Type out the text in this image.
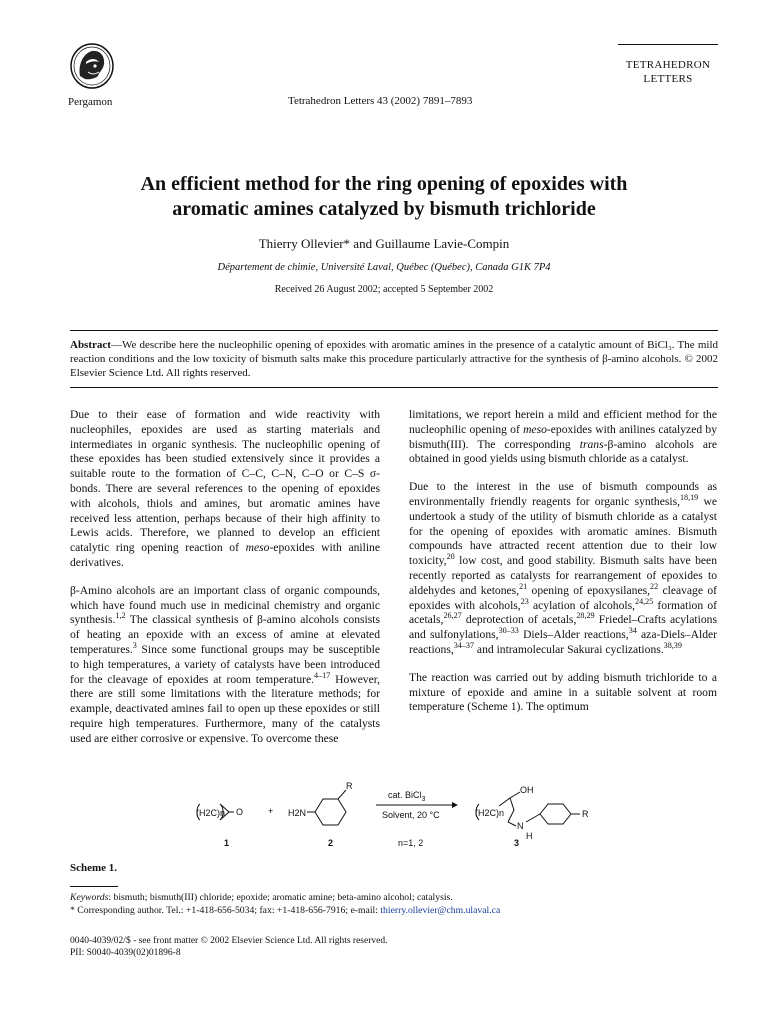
Pergamon	Tetrahedron Letters 43 (2002) 7891–7893
TETRAHEDRON
LETTERS
An efficient method for the ring opening of epoxides with
aromatic amines catalyzed by bismuth trichloride
Thierry Ollevier* and Guillaume Lavie-Compin
Département de chimie, Université Laval, Québec (Québec), Canada G1K 7P4
Received 26 August 2002; accepted 5 September 2002
Abstract—We describe here the nucleophilic opening of epoxides with aromatic amines in the presence of a catalytic amount of BiCl₃. The mild reaction conditions and the low toxicity of bismuth salts make this procedure particularly attractive for the synthesis of β-amino alcohols. © 2002 Elsevier Science Ltd. All rights reserved.

Due to their ease of formation and wide reactivity with nucleophiles, epoxides are used as starting materials and intermediates in organic synthesis. The nucleophilic opening of these epoxides has been studied extensively since it provides a suitable route to the formation of C–C, C–N, C–O or C–S σ-bonds. There are several references to the opening of epoxides with alcohols, thiols and amines, but aromatic amines have received less attention, perhaps because of their high affinity to Lewis acids. Therefore, we planned to develop an efficient catalytic ring opening reaction of meso-epoxides with aniline derivatives.

β-Amino alcohols are an important class of organic compounds, which have found much use in medicinal chemistry and organic synthesis.$^{1,2}$ The classical synthesis of β-amino alcohols consists of heating an epoxide with an excess of amine at elevated temperatures.$^3$ Since some functional groups may be susceptible to high temperatures, a variety of catalysts have been introduced for the cleavage of epoxides at room temperature.$^{4-17}$ However, there are still some limitations with the literature methods; for example, deactivated amines fail to open up these epoxides or still require high temperatures. Furthermore, many of the catalysts used are either corrosive or expensive. To overcome these

limitations, we report herein a mild and efficient method for the nucleophilic opening of meso-epoxides with anilines catalyzed by bismuth(III). The corresponding trans-β-amino alcohols are obtained in good yields using bismuth chloride as a catalyst.

Due to the interest in the use of bismuth compounds as environmentally friendly reagents for organic synthesis,$^{18,19}$ we undertook a study of the utility of bismuth chloride as a catalyst for the opening of epoxides with aromatic amines. Bismuth compounds have attracted recent attention due to their low toxicity,$^{20}$ low cost, and good stability. Bismuth salts have been recently reported as catalysts for rearrangement of epoxides to aldehydes and ketones,$^{21}$ opening of epoxysilanes,$^{22}$ cleavage of epoxides with alcohols,$^{23}$ acylation of alcohols,$^{24,25}$ formation of acetals,$^{26,27}$ deprotection of acetals,$^{28,29}$ Friedel–Crafts acylations and sulfonylations,$^{30-33}$ Diels–Alder reactions,$^{34}$ aza-Diels–Alder reactions,$^{34-37}$ and intramolecular Sakurai cyclizations.$^{38,39}$

The reaction was carried out by adding bismuth trichloride to a mixture of epoxide and amine in a suitable solvent at room temperature (Scheme 1). The optimum

(H2C)n O	+ H2N
R
cat. BiCl$_3$
Solvent, 20 °C	(H2C)n
OH
N
H
R
1	2	n=1, 2	3
Scheme 1.
Keywords: bismuth; bismuth(III) chloride; epoxide; aromatic amine; beta-amino alcohol; catalysis.
* Corresponding author. Tel.: +1-418-656-5034; fax: +1-418-656-7916; e-mail: thierry.ollevier@chm.ulaval.ca
0040-4039/02/$ - see front matter © 2002 Elsevier Science Ltd. All rights reserved.
PII: S0040-4039(02)01896-8
